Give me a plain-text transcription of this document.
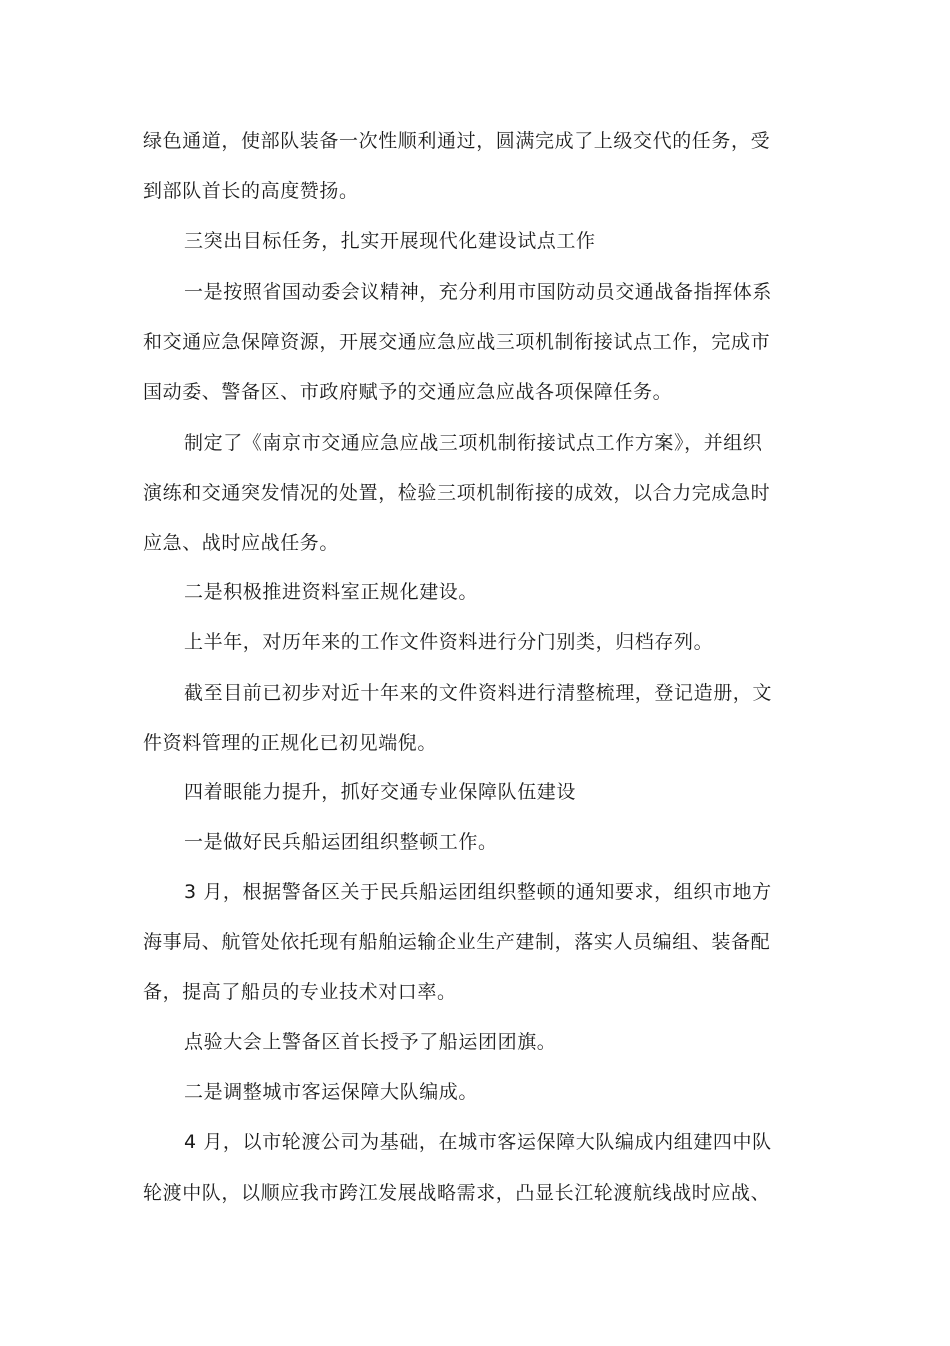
绿色通道，使部队装备一次性顺利通过，圆满完成了上级交代的任务，受
到部队首长的高度赞扬。
三突出目标任务，扎实开展现代化建设试点工作
一是按照省国动委会议精神，充分利用市国防动员交通战备指挥体系
和交通应急保障资源，开展交通应急应战三项机制衔接试点工作，完成市
国动委、警备区、市政府赋予的交通应急应战各项保障任务。
制定了《南京市交通应急应战三项机制衔接试点工作方案》，并组织
演练和交通突发情况的处置，检验三项机制衔接的成效，以合力完成急时
应急、战时应战任务。
二是积极推进资料室正规化建设。
上半年，对历年来的工作文件资料进行分门别类，归档存列。
截至目前已初步对近十年来的文件资料进行清整梳理，登记造册，文
件资料管理的正规化已初见端倪。
四着眼能力提升，抓好交通专业保障队伍建设
一是做好民兵船运团组织整顿工作。
3 月，根据警备区关于民兵船运团组织整顿的通知要求，组织市地方
海事局、航管处依托现有船舶运输企业生产建制，落实人员编组、装备配
备，提高了船员的专业技术对口率。
点验大会上警备区首长授予了船运团团旗。
二是调整城市客运保障大队编成。
4 月，以市轮渡公司为基础，在城市客运保障大队编成内组建四中队
轮渡中队，以顺应我市跨江发展战略需求，凸显长江轮渡航线战时应战、
